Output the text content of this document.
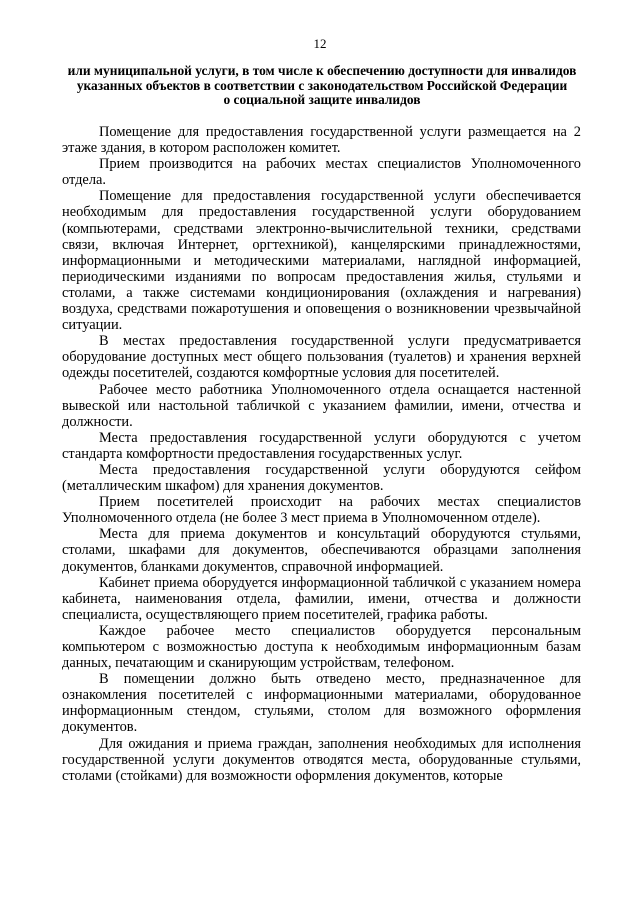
12
или муниципальной услуги, в том числе к обеспечению доступности для инвалидов
указанных объектов в соответствии с законодательством Российской Федерации
о социальной защите инвалидов

Помещение для предоставления государственной услуги размещается на 2 этаже здания, в котором расположен комитет.

Прием производится на рабочих местах специалистов Уполномоченного отдела.

Помещение для предоставления государственной услуги обеспечивается необходимым для предоставления государственной услуги оборудованием (компьютерами, средствами электронно-вычислительной техники, средствами связи, включая Интернет, оргтехникой), канцелярскими принадлежностями, информационными и методическими материалами, наглядной информацией, периодическими изданиями по вопросам предоставления жилья, стульями и столами, а также системами кондиционирования (охлаждения и нагревания) воздуха, средствами пожаротушения и оповещения о возникновении чрезвычайной ситуации.

В местах предоставления государственной услуги предусматривается оборудование доступных мест общего пользования (туалетов) и хранения верхней одежды посетителей, создаются комфортные условия для посетителей.

Рабочее место работника Уполномоченного отдела оснащается настенной вывеской или настольной табличкой с указанием фамилии, имени, отчества и должности.

Места предоставления государственной услуги оборудуются с учетом стандарта комфортности предоставления государственных услуг.

Места предоставления государственной услуги оборудуются сейфом (металлическим шкафом) для хранения документов.

Прием посетителей происходит на рабочих местах специалистов Уполномоченного отдела (не более 3 мест приема в Уполномоченном отделе).

Места для приема документов и консультаций оборудуются стульями, столами, шкафами для документов, обеспечиваются образцами заполнения документов, бланками документов, справочной информацией.

Кабинет приема оборудуется информационной табличкой с указанием номера кабинета, наименования отдела, фамилии, имени, отчества и должности специалиста, осуществляющего прием посетителей, графика работы.

Каждое рабочее место специалистов оборудуется персональным компьютером с возможностью доступа к необходимым информационным базам данных, печатающим и сканирующим устройствам, телефоном.

В помещении должно быть отведено место, предназначенное для ознакомления посетителей с информационными материалами, оборудованное информационным стендом, стульями, столом для возможного оформления документов.

Для ожидания и приема граждан, заполнения необходимых для исполнения государственной услуги документов отводятся места, оборудованные стульями, столами (стойками) для возможности оформления документов, которые
